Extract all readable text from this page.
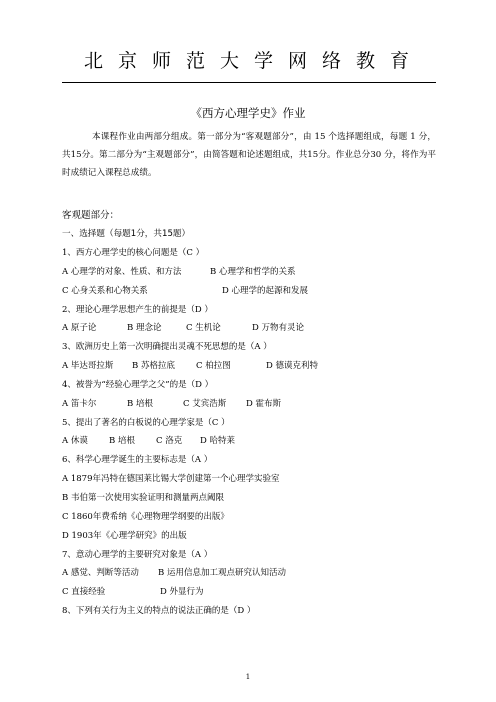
北京师范大学网络教育
《西方心理学史》作业
本课程作业由两部分组成。第一部分为“客观题部分”，由 15 个选择题组成，每题 1 分，共15分。第二部分为“主观题部分”，由简答题和论述题组成，共15分。作业总分30 分，将作为平时成绩记入课程总成绩。
客观题部分：
一、选择题（每题1分，共15题）
1、西方心理学史的核心问题是（C ）
A 心理学的对象、性质、和方法	B 心理学和哲学的关系
C 心身关系和心物关系	D 心理学的起源和发展
2、理论心理学思想产生的前提是（D ）
A 原子论	B 理念论	C 生机论	D 万物有灵论
3、欧洲历史上第一次明确提出灵魂不死思想的是（A ）
A 毕达哥拉斯	B 苏格拉底	C 柏拉图	D 德谟克利特
4、被誉为“经验心理学之父”的是（D ）
A 笛卡尔	B 培根	C 艾宾浩斯	D 霍布斯
5、提出了著名的白板说的心理学家是（C ）
A 休谟	B 培根	C 洛克	D 哈特莱
6、科学心理学诞生的主要标志是（A ）
A 1879年冯特在德国莱比锡大学创建第一个心理学实验室
B 韦伯第一次使用实验证明和测量两点阈限
C 1860年费希纳《心理物理学纲要的出版》
D 1903年《心理学研究》的出版
7、意动心理学的主要研究对象是（A ）
A 感觉、判断等活动	B 运用信息加工观点研究认知活动
C 直接经验	D 外显行为
8、下列有关行为主义的特点的说法正确的是（D ）
1
